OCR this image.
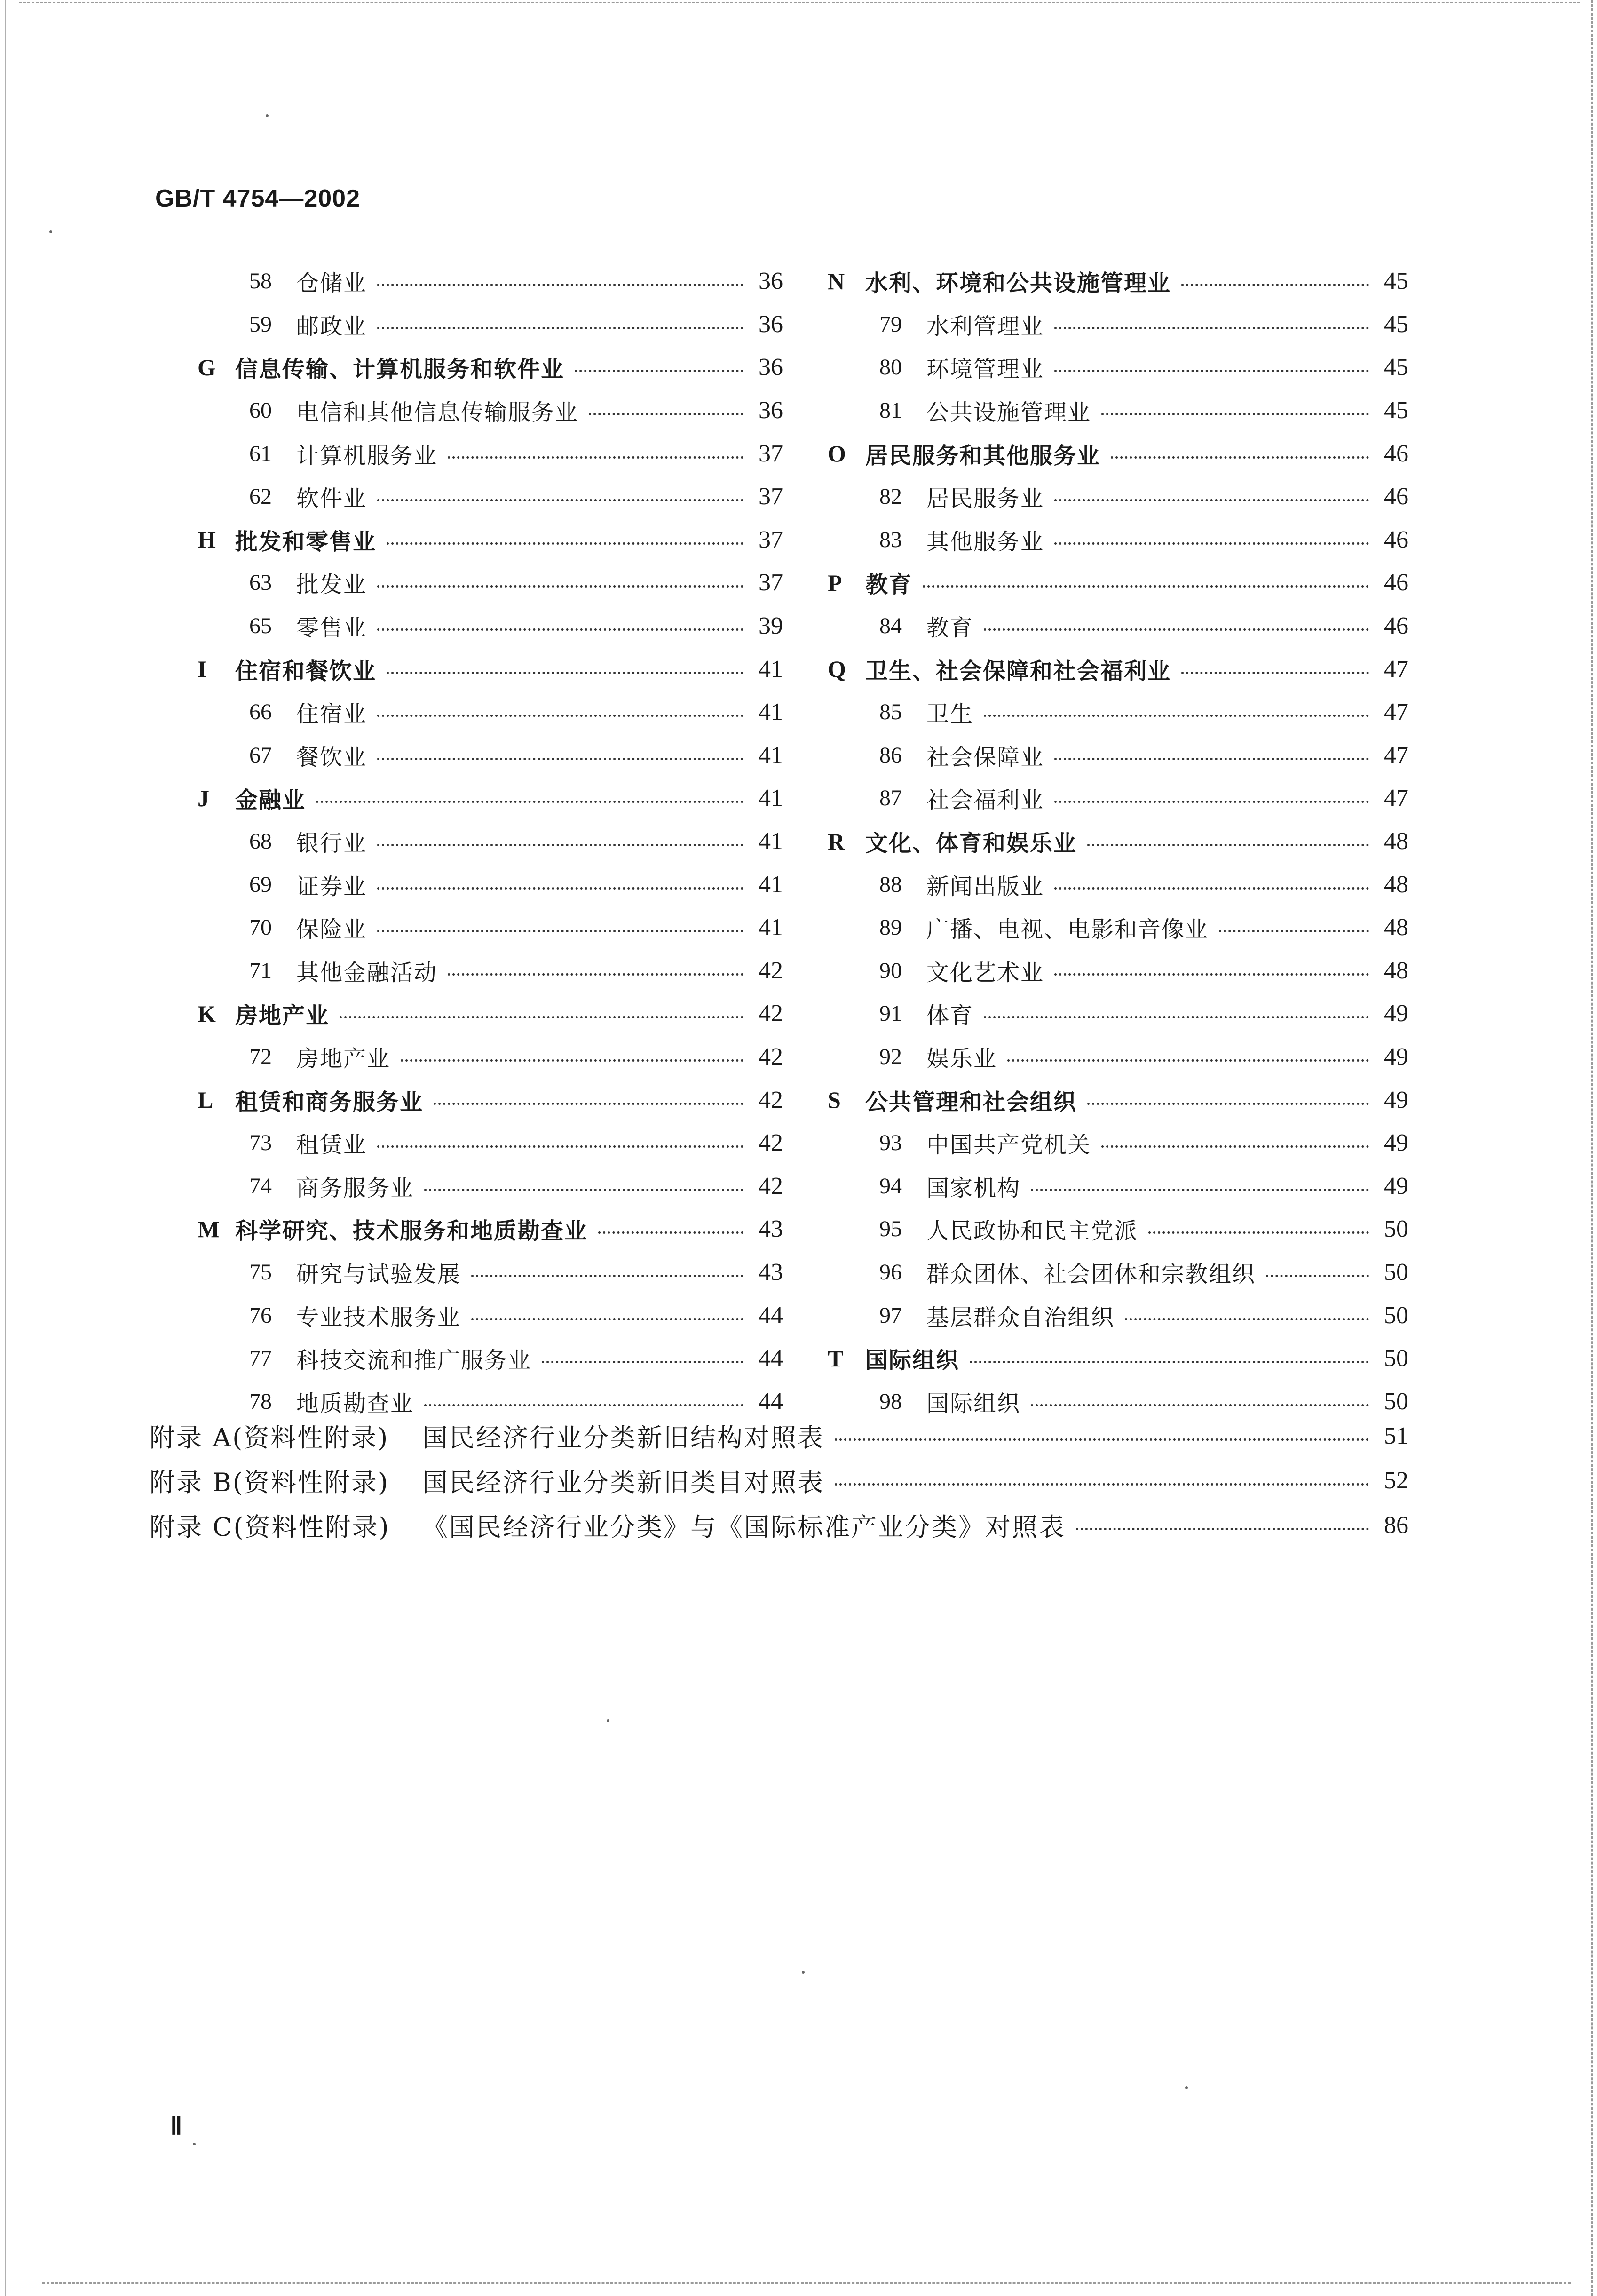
GB/T 4754—2002
58	仓储业	36
59	邮政业	36
G 信息传输、计算机服务和软件业	36
60	电信和其他信息传输服务业	36
61	计算机服务业	37
62	软件业	37
H 批发和零售业	37
63	批发业	37
65	零售业	39
I	住宿和餐饮业	41
66	住宿业	41
67	餐饮业	41
J	金融业	41
68	银行业	41
69	证券业	41
70	保险业	41
71	其他金融活动	42
K 房地产业	42
72	房地产业	42
L 租赁和商务服务业	42
73	租赁业	42
74	商务服务业	42
M 科学研究、技术服务和地质勘查业	43
75	研究与试验发展	43
76	专业技术服务业	44
77	科技交流和推广服务业	44
78	地质勘查业	44
N 水利、环境和公共设施管理业	45
79	水利管理业	45
80	环境管理业	45
81	公共设施管理业	45
O 居民服务和其他服务业	46
82	居民服务业	46
83	其他服务业	46
P	教育	46
84	教育	46
Q 卫生、社会保障和社会福利业	47
85	卫生	47
86	社会保障业	47
87	社会福利业	47
R 文化、体育和娱乐业	48
88	新闻出版业	48
89	广播、电视、电影和音像业	48
90	文化艺术业	48
91	体育	49
92	娱乐业	49
S	公共管理和社会组织	49
93	中国共产党机关	49
94	国家机构	49
95	人民政协和民主党派	50
96	群众团体、社会团体和宗教组织	50
97	基层群众自治组织	50
T 国际组织	50
98	国际组织	50
附录 A(资料性附录)	国民经济行业分类新旧结构对照表	51
附录 B(资料性附录)	国民经济行业分类新旧类目对照表	52
附录 C(资料性附录)	《国民经济行业分类》与《国际标准产业分类》对照表	86
Ⅱ
